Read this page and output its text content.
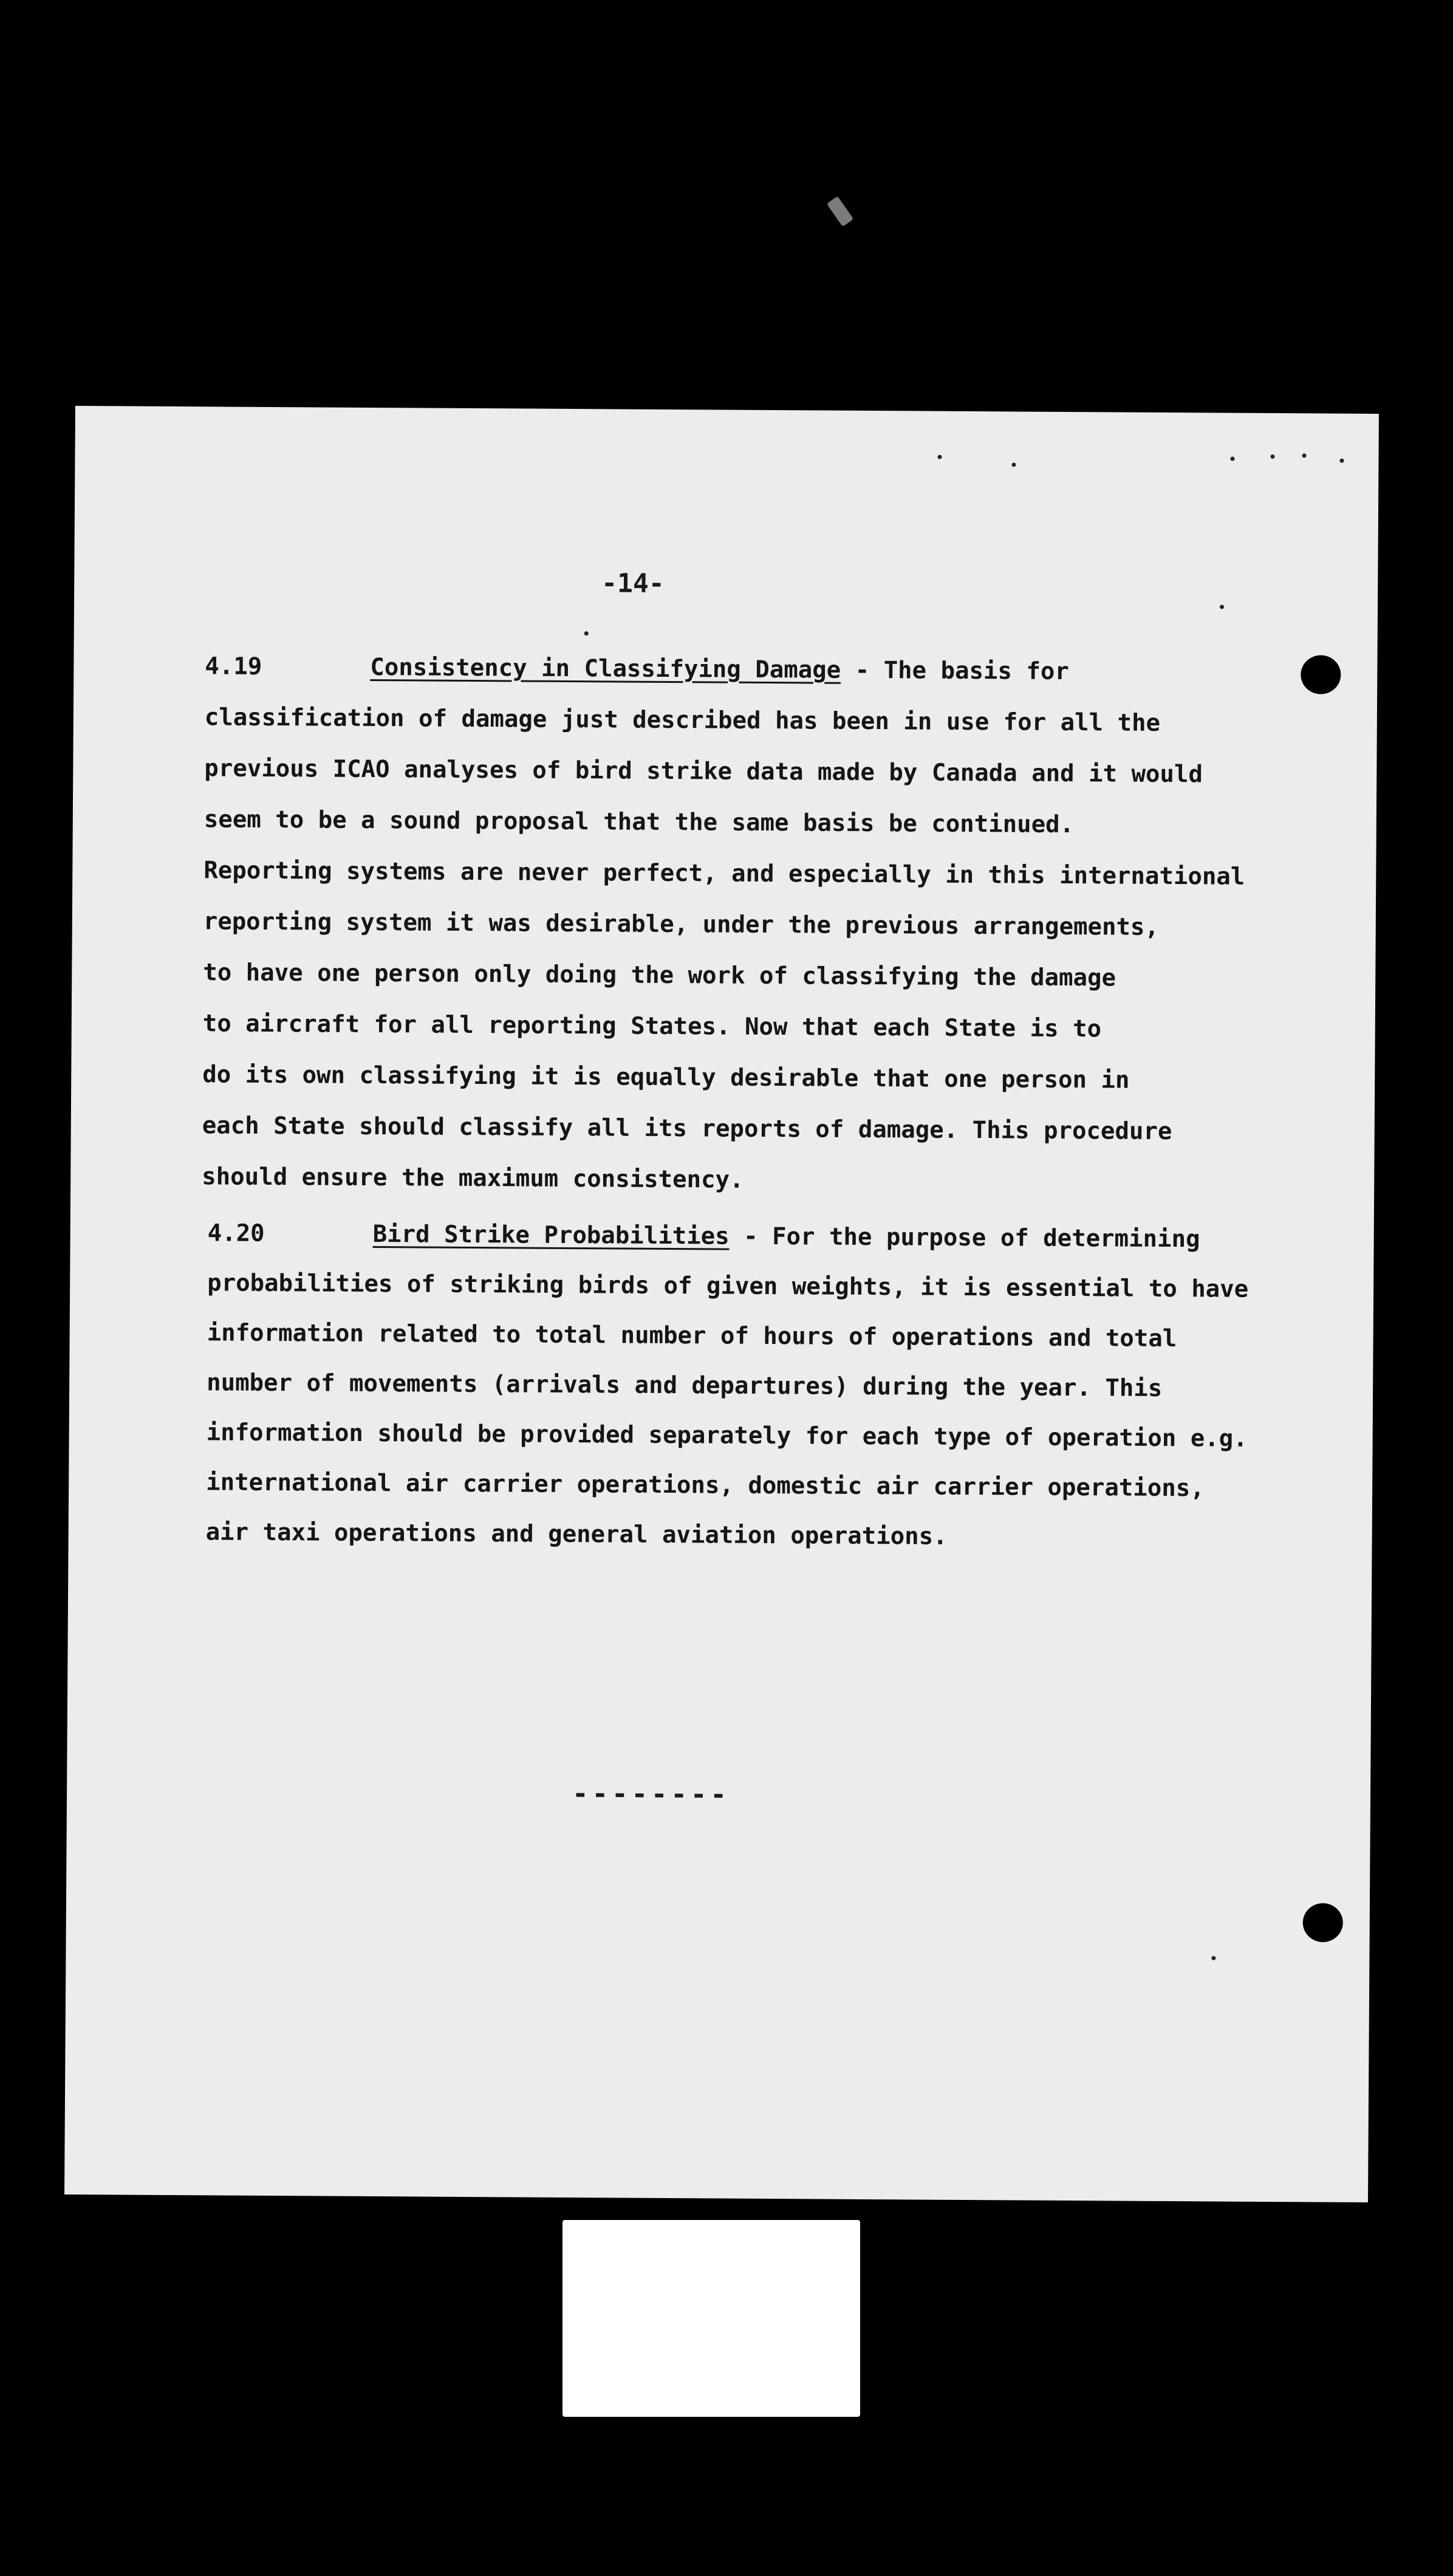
-14-
4.19	Consistency in Classifying Damage - The basis for
classification of damage just described has been in use for all the
previous ICAO analyses of bird strike data made by Canada and it would
seem to be a sound proposal that the same basis be continued.
Reporting systems are never perfect, and especially in this international
reporting system it was desirable, under the previous arrangements,
to have one person only doing the work of classifying the damage
to aircraft for all reporting States. Now that each State is to
do its own classifying it is equally desirable that one person in
each State should classify all its reports of damage. This procedure
should ensure the maximum consistency.
4.20	Bird Strike Probabilities - For the purpose of determining
probabilities of striking birds of given weights, it is essential to have
information related to total number of hours of operations and total
number of movements (arrivals and departures) during the year. This
information should be provided separately for each type of operation e.g.
international air carrier operations, domestic air carrier operations,
air taxi operations and general aviation operations.
--------
